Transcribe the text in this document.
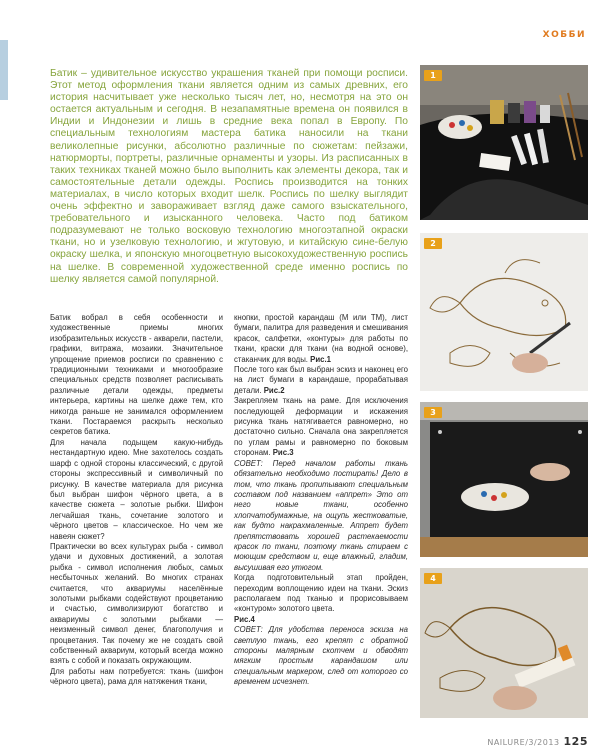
ХОББИ

Батик – удивительное искусство украшения тканей при помощи росписи. Этот метод оформления ткани является одним из самых древних, его история насчитывает уже несколько тысяч лет, но, несмотря на это он остается актуальным и сегодня. В незапамятные времена он появился в Индии и Индонезии и лишь в средние века попал в Европу. По специальным технологиям мастера батика наносили на ткани великолепные рисунки, абсолютно различные по сюжетам: пейзажи, натюрморты, портреты, различные орнаменты и узоры. Из расписанных в таких техниках тканей можно было выполнить как элементы декора, так и самостоятельные детали одежды. Роспись производится на тонких материалах, в число которых входит шелк. Роспись по шелку выглядит очень эффектно и завораживает взгляд даже самого взыскательного, требовательного и изысканного человека. Часто под батиком подразумевают не только восковую технологию многоэтапной окраски ткани, но и узелковую технологию, и жгутовую, и китайскую сине-белую окраску шелка, и японскую многоцветную высокохудожественную роспись на шелке. В современной художественной среде именно роспись по шелку является самой популярной.

Батик вобрал в себя особенности и художественные приемы многих изобразительных искусств - акварели, пастели, графики, витража, мозаики. Значительное упрощение приемов росписи по сравнению с традиционными техниками и многообразие специальных средств позволяет расписывать различные детали одежды, предметы интерьера, картины на шелке даже тем, кто никогда раньше не занимался оформлением ткани. Постараемся раскрыть несколько секретов батика.

Для начала подыщем какую-нибудь нестандартную идею. Мне захотелось создать шарф с одной стороны классический, с другой стороны экспрессивный и символичный по рисунку. В качестве материала для рисунка был выбран шифон чёрного цвета, а в качестве сюжета – золотые рыбки. Шифон легчайшая ткань, сочетание золотого и чёрного цветов – классическое. Но чем же навеян сюжет?

Практически во всех культурах рыба - символ удачи и духовных достижений, а золотая рыбка - символ исполнения любых, самых несбыточных желаний. Во многих странах считается, что аквариумы населённые золотыми рыбками содействуют процветанию и счастью, символизируют богатство и аквариумы с золотыми рыбками — неизменный символ денег, благополучия и процветания. Так почему же не создать свой собственный аквариум, который всегда можно взять с собой и показать окружающим.

Для работы нам потребуется: ткань (шифон чёрного цвета), рама для натяжения ткани,

кнопки, простой карандаш (М или ТМ), лист бумаги, палитра для разведения и смешивания красок, салфетки, «контуры» для работы по ткани, краски для ткани (на водной основе), стаканчик для воды. Рис.1

После того как был выбран эскиз и наконец его на лист бумаги в карандаше, прорабатывая детали. Рис.2

Закрепляем ткань на раме. Для исключения последующей деформации и искажения рисунка ткань натягивается равномерно, но достаточно сильно. Сначала она закрепляется по углам рамы и равномерно по боковым сторонам. Рис.3

СОВЕТ: Перед началом работы ткань обязательно необходимо постирать! Дело в том, что ткань пропитывают специальным составом под названием «аппрет» Это от него новые ткани, особенно хлопчатобумажные, на ощупь жестковатые, как будто накрахмаленные. Аппрет будет препятствовать хорошей растекаемости красок по ткани, поэтому ткань стираем с моющим средством и, еще влажный, гладим, высушивая его утюгом.

Когда подготовительный этап пройден, переходим воплощению идеи на ткани. Эскиз располагаем под тканью и прорисовываем «контуром» золотого цвета.

Рис.4

СОВЕТ: Для удобства переноса эскиза на светлую ткань, его крепят с обратной стороны малярным скотчем и обводят мягким простым карандашом или специальным маркером, след от которого со временем исчезнет.

1
2
3
4
NAILURE/3/2013 125
